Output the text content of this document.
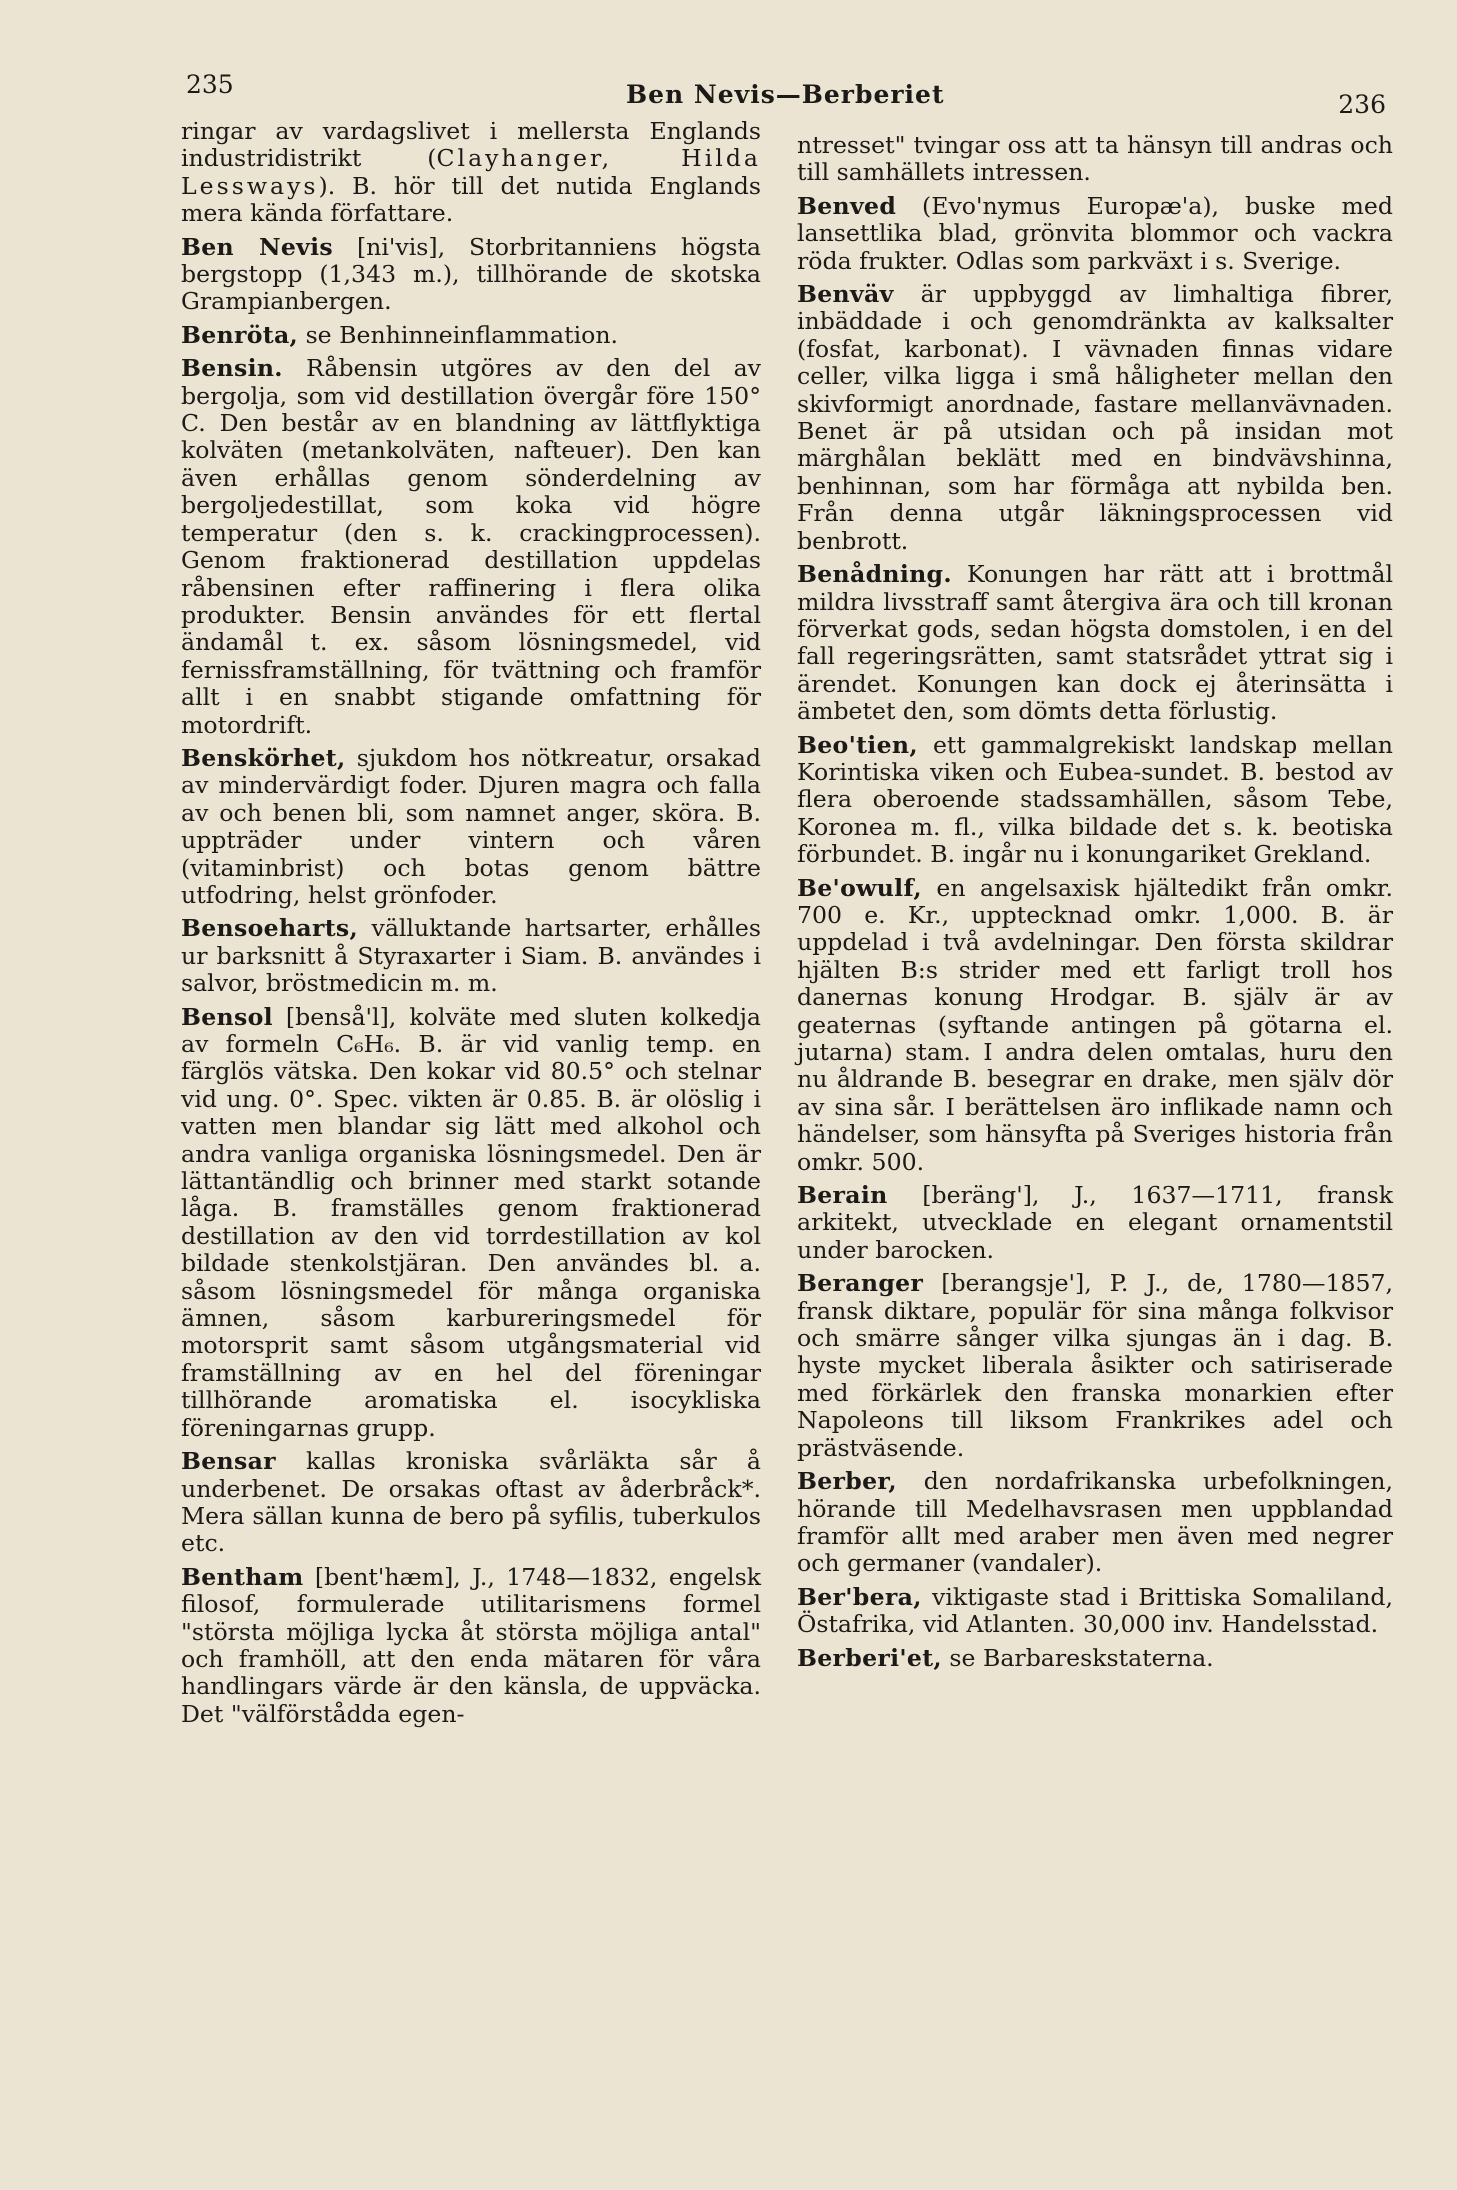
235	Ben Nevis—Berberiet	236

ringar av vardagslivet i mellersta Englands industridistrikt (Clayhanger, Hilda Lessways). B. hör till det nutida Englands mera kända författare.

Ben Nevis [ni'vis], Storbritanniens högsta bergstopp (1,343 m.), tillhörande de skotska Grampianbergen.

Benröta, se Benhinneinflammation.

Bensin. Råbensin utgöres av den del av bergolja, som vid destillation övergår före 150° C. Den består av en blandning av lättflyktiga kolväten (metankolväten, nafteuer). Den kan även erhållas genom sönderdelning av bergoljedestillat, som koka vid högre temperatur (den s. k. crackingprocessen). Genom fraktionerad destillation uppdelas råbensinen efter raffinering i flera olika produkter. Bensin användes för ett flertal ändamål t. ex. såsom lösningsmedel, vid fernissframställning, för tvättning och framför allt i en snabbt stigande omfattning för motordrift.

Benskörhet, sjukdom hos nötkreatur, orsakad av mindervärdigt foder. Djuren magra och falla av och benen bli, som namnet anger, sköra. B. uppträder under vintern och våren (vitaminbrist) och botas genom bättre utfodring, helst grönfoder.

Bensoeharts, välluktande hartsarter, erhålles ur barksnitt å Styraxarter i Siam. B. användes i salvor, bröstmedicin m. m.

Bensol [benså'l], kolväte med sluten kolkedja av formeln C₆H₆. B. är vid vanlig temp. en färglös vätska. Den kokar vid 80.5° och stelnar vid ung. 0°. Spec. vikten är 0.85. B. är olöslig i vatten men blandar sig lätt med alkohol och andra vanliga organiska lösningsmedel. Den är lättantändlig och brinner med starkt sotande låga. B. framställes genom fraktionerad destillation av den vid torrdestillation av kol bildade stenkolstjäran. Den användes bl. a. såsom lösningsmedel för många organiska ämnen, såsom karbureringsmedel för motorsprit samt såsom utgångsmaterial vid framställning av en hel del föreningar tillhörande aromatiska el. isocykliska föreningarnas grupp.

Bensar kallas kroniska svårläkta sår å underbenet. De orsakas oftast av åderbråck*. Mera sällan kunna de bero på syfilis, tuberkulos etc.

Bentham [bent'hæm], J., 1748—1832, engelsk filosof, formulerade utilitarismens formel "största möjliga lycka åt största möjliga antal" och framhöll, att den enda mätaren för våra handlingars värde är den känsla, de uppväcka. Det "välförstådda egen-

ntresset" tvingar oss att ta hänsyn till andras och till samhällets intressen.

Benved (Evo'nymus Europæ'a), buske med lansettlika blad, grönvita blommor och vackra röda frukter. Odlas som parkväxt i s. Sverige.

Benväv är uppbyggd av limhaltiga fibrer, inbäddade i och genomdränkta av kalksalter (fosfat, karbonat). I vävnaden finnas vidare celler, vilka ligga i små håligheter mellan den skivformigt anordnade, fastare mellanvävnaden. Benet är på utsidan och på insidan mot märghålan beklätt med en bindvävshinna, benhinnan, som har förmåga att nybilda ben. Från denna utgår läkningsprocessen vid benbrott.

Benådning. Konungen har rätt att i brottmål mildra livsstraff samt återgiva ära och till kronan förverkat gods, sedan högsta domstolen, i en del fall regeringsrätten, samt statsrådet yttrat sig i ärendet. Konungen kan dock ej återinsätta i ämbetet den, som dömts detta förlustig.

Beo'tien, ett gammalgrekiskt landskap mellan Korintiska viken och Eubea-sundet. B. bestod av flera oberoende stadssamhällen, såsom Tebe, Koronea m. fl., vilka bildade det s. k. beotiska förbundet. B. ingår nu i konungariket Grekland.

Be'owulf, en angelsaxisk hjältedikt från omkr. 700 e. Kr., upptecknad omkr. 1,000. B. är uppdelad i två avdelningar. Den första skildrar hjälten B:s strider med ett farligt troll hos danernas konung Hrodgar. B. själv är av geaternas (syftande antingen på götarna el. jutarna) stam. I andra delen omtalas, huru den nu åldrande B. besegrar en drake, men själv dör av sina sår. I berättelsen äro inflikade namn och händelser, som hänsyfta på Sveriges historia från omkr. 500.

Berain [beräng'], J., 1637—1711, fransk arkitekt, utvecklade en elegant ornamentstil under barocken.

Beranger [berangsje'], P. J., de, 1780—1857, fransk diktare, populär för sina många folkvisor och smärre sånger vilka sjungas än i dag. B. hyste mycket liberala åsikter och satiriserade med förkärlek den franska monarkien efter Napoleons till liksom Frankrikes adel och prästväsende.

Berber, den nordafrikanska urbefolkningen, hörande till Medelhavsrasen men uppblandad framför allt med araber men även med negrer och germaner (vandaler).

Ber'bera, viktigaste stad i Brittiska Somaliland, Östafrika, vid Atlanten. 30,000 inv. Handelsstad.

Berberi'et, se Barbareskstaterna.
